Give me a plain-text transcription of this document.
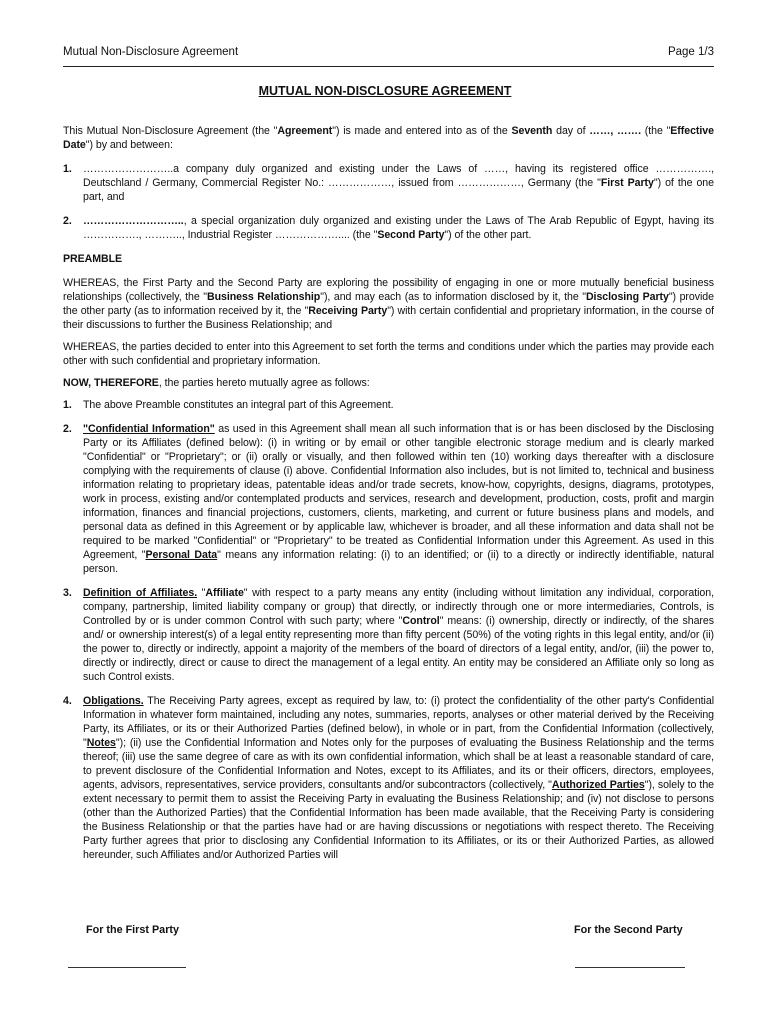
Mutual Non-Disclosure Agreement	Page 1/3
MUTUAL NON-DISCLOSURE AGREEMENT

This Mutual Non-Disclosure Agreement (the "Agreement") is made and entered into as of the Seventh day of ……, ……. (the "Effective Date") by and between:

1. ……………………..a company duly organized and existing under the Laws of ……, having its registered office ……………., Deutschland / Germany, Commercial Register No.: ………………, issued from ………………, Germany (the "First Party") of the one part, and

2. ……………………….., a special organization duly organized and existing under the Laws of The Arab Republic of Egypt, having its ……………., ……….., Industrial Register ……………….... (the "Second Party") of the other part.

PREAMBLE

WHEREAS, the First Party and the Second Party are exploring the possibility of engaging in one or more mutually beneficial business relationships (collectively, the "Business Relationship"), and may each (as to information disclosed by it, the "Disclosing Party") provide the other party (as to information received by it, the "Receiving Party") with certain confidential and proprietary information, in the course of their discussions to further the Business Relationship; and

WHEREAS, the parties decided to enter into this Agreement to set forth the terms and conditions under which the parties may provide each other with such confidential and proprietary information.

NOW, THEREFORE, the parties hereto mutually agree as follows:

1. The above Preamble constitutes an integral part of this Agreement.

2. "Confidential Information" as used in this Agreement shall mean all such information that is or has been disclosed by the Disclosing Party or its Affiliates (defined below): (i) in writing or by email or other tangible electronic storage medium and is clearly marked "Confidential" or "Proprietary"; or (ii) orally or visually, and then followed within ten (10) working days thereafter with a disclosure complying with the requirements of clause (i) above. Confidential Information also includes, but is not limited to, technical and business information relating to proprietary ideas, patentable ideas and/or trade secrets, know-how, copyrights, designs, diagrams, prototypes, work in process, existing and/or contemplated products and services, research and development, production, costs, profit and margin information, finances and financial projections, customers, clients, marketing, and current or future business plans and models, and personal data as defined in this Agreement or by applicable law, whichever is broader, and all these information and data shall not be required to be marked "Confidential" or "Proprietary" to be treated as Confidential Information under this Agreement. As used in this Agreement, "Personal Data" means any information relating: (i) to an identified; or (ii) to a directly or indirectly identifiable, natural person.

3. Definition of Affiliates. "Affiliate" with respect to a party means any entity (including without limitation any individual, corporation, company, partnership, limited liability company or group) that directly, or indirectly through one or more intermediaries, Controls, is Controlled by or is under common Control with such party; where "Control" means: (i) ownership, directly or indirectly, of the shares and/ or ownership interest(s) of a legal entity representing more than fifty percent (50%) of the voting rights in this legal entity, and/or (ii) the power to, directly or indirectly, appoint a majority of the members of the board of directors of a legal entity, and/or, (iii) the power to, directly or indirectly, direct or cause to direct the management of a legal entity. An entity may be considered an Affiliate only so long as such Control exists.

4. Obligations. The Receiving Party agrees, except as required by law, to: (i) protect the confidentiality of the other party's Confidential Information in whatever form maintained, including any notes, summaries, reports, analyses or other material derived by the Receiving Party, its Affiliates, or its or their Authorized Parties (defined below), in whole or in part, from the Confidential Information (collectively, "Notes"); (ii) use the Confidential Information and Notes only for the purposes of evaluating the Business Relationship and the terms thereof; (iii) use the same degree of care as with its own confidential information, which shall be at least a reasonable standard of care, to prevent disclosure of the Confidential Information and Notes, except to its Affiliates, and its or their officers, directors, employees, agents, advisors, representatives, service providers, consultants and/or subcontractors (collectively, "Authorized Parties"), solely to the extent necessary to permit them to assist the Receiving Party in evaluating the Business Relationship; and (iv) not disclose to persons (other than the Authorized Parties) that the Confidential Information has been made available, that the Receiving Party is considering the Business Relationship or that the parties have had or are having discussions or negotiations with respect thereto. The Receiving Party further agrees that prior to disclosing any Confidential Information to its Affiliates, or its or their Authorized Parties, as allowed hereunder, such Affiliates and/or Authorized Parties will

For the First Party	For the Second Party
